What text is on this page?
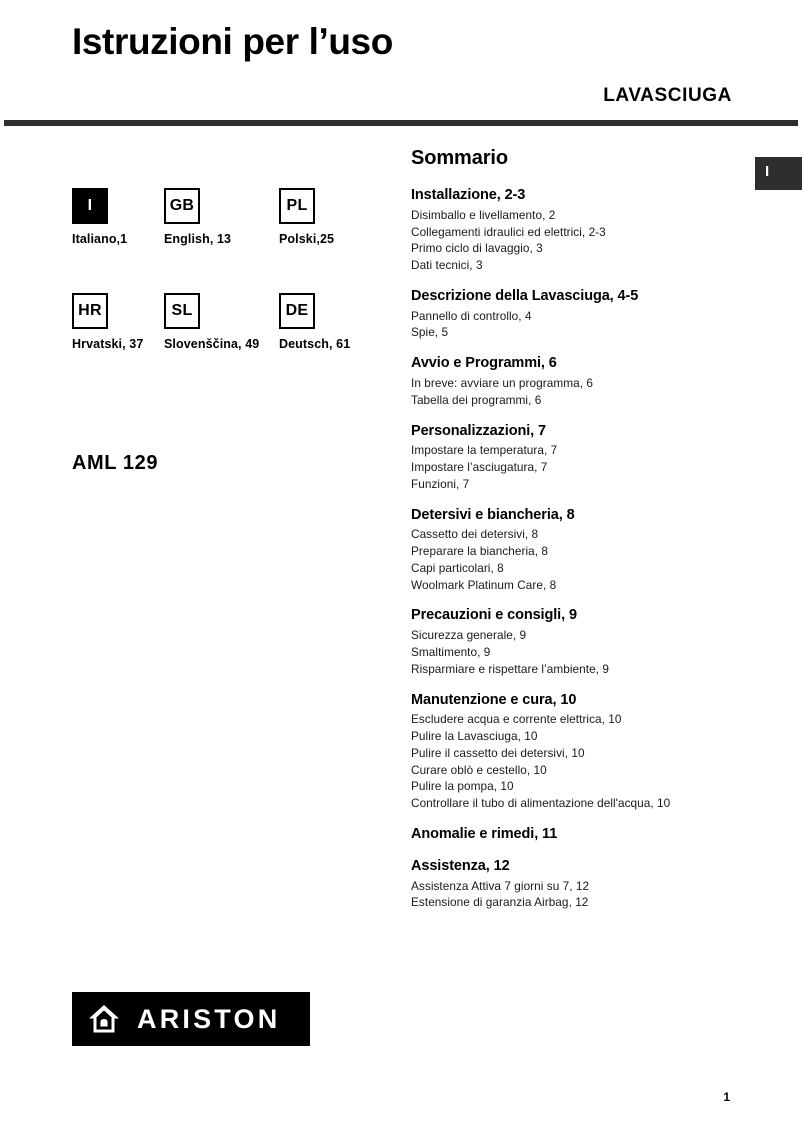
Istruzioni per l’uso
LAVASCIUGA
I
I
Italiano,1
GB
English, 13
PL
Polski,25
HR
Hrvatski, 37
SL
Slovenščina, 49
DE
Deutsch, 61
AML 129
Sommario
Installazione, 2-3
Disimballo e livellamento, 2
Collegamenti idraulici ed elettrici, 2-3
Primo ciclo di lavaggio, 3
Dati tecnici, 3
Descrizione della Lavasciuga, 4-5
Pannello di controllo, 4
Spie, 5
Avvio e Programmi, 6
In breve: avviare un programma, 6
Tabella dei programmi, 6
Personalizzazioni, 7
Impostare la temperatura, 7
Impostare l’asciugatura, 7
Funzioni, 7
Detersivi e biancheria, 8
Cassetto dei detersivi, 8
Preparare la biancheria, 8
Capi particolari, 8
Woolmark Platinum Care, 8
Precauzioni e consigli, 9
Sicurezza generale, 9
Smaltimento, 9
Risparmiare e rispettare l’ambiente, 9
Manutenzione e cura, 10
Escludere acqua e corrente elettrica, 10
Pulire la Lavasciuga, 10
Pulire il cassetto dei detersivi, 10
Curare oblò e cestello, 10
Pulire la pompa, 10
Controllare il tubo di alimentazione dell'acqua, 10
Anomalie e rimedi, 11
Assistenza, 12
Assistenza Attiva 7 giorni su 7, 12
Estensione di garanzia Airbag, 12
ARISTON
1
